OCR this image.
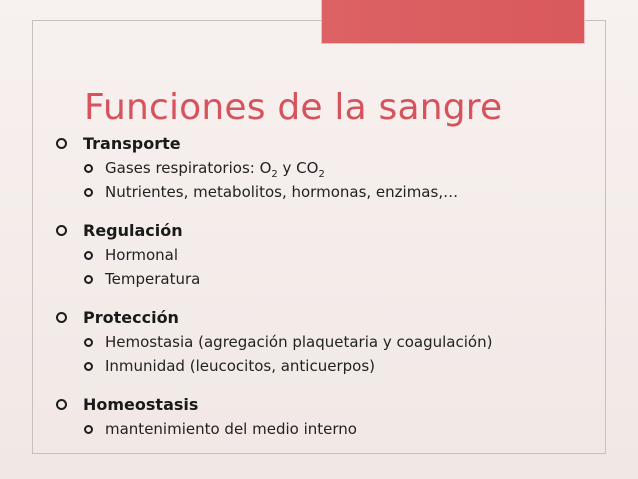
Funciones de la sangre
Transporte
Gases respiratorios: $O_2$ y $CO_2$
Nutrientes, metabolitos, hormonas, enzimas,…
Regulación
Hormonal
Temperatura
Protección
Hemostasia (agregación plaquetaria y coagulación)
Inmunidad (leucocitos, anticuerpos)
Homeostasis
mantenimiento del medio interno
